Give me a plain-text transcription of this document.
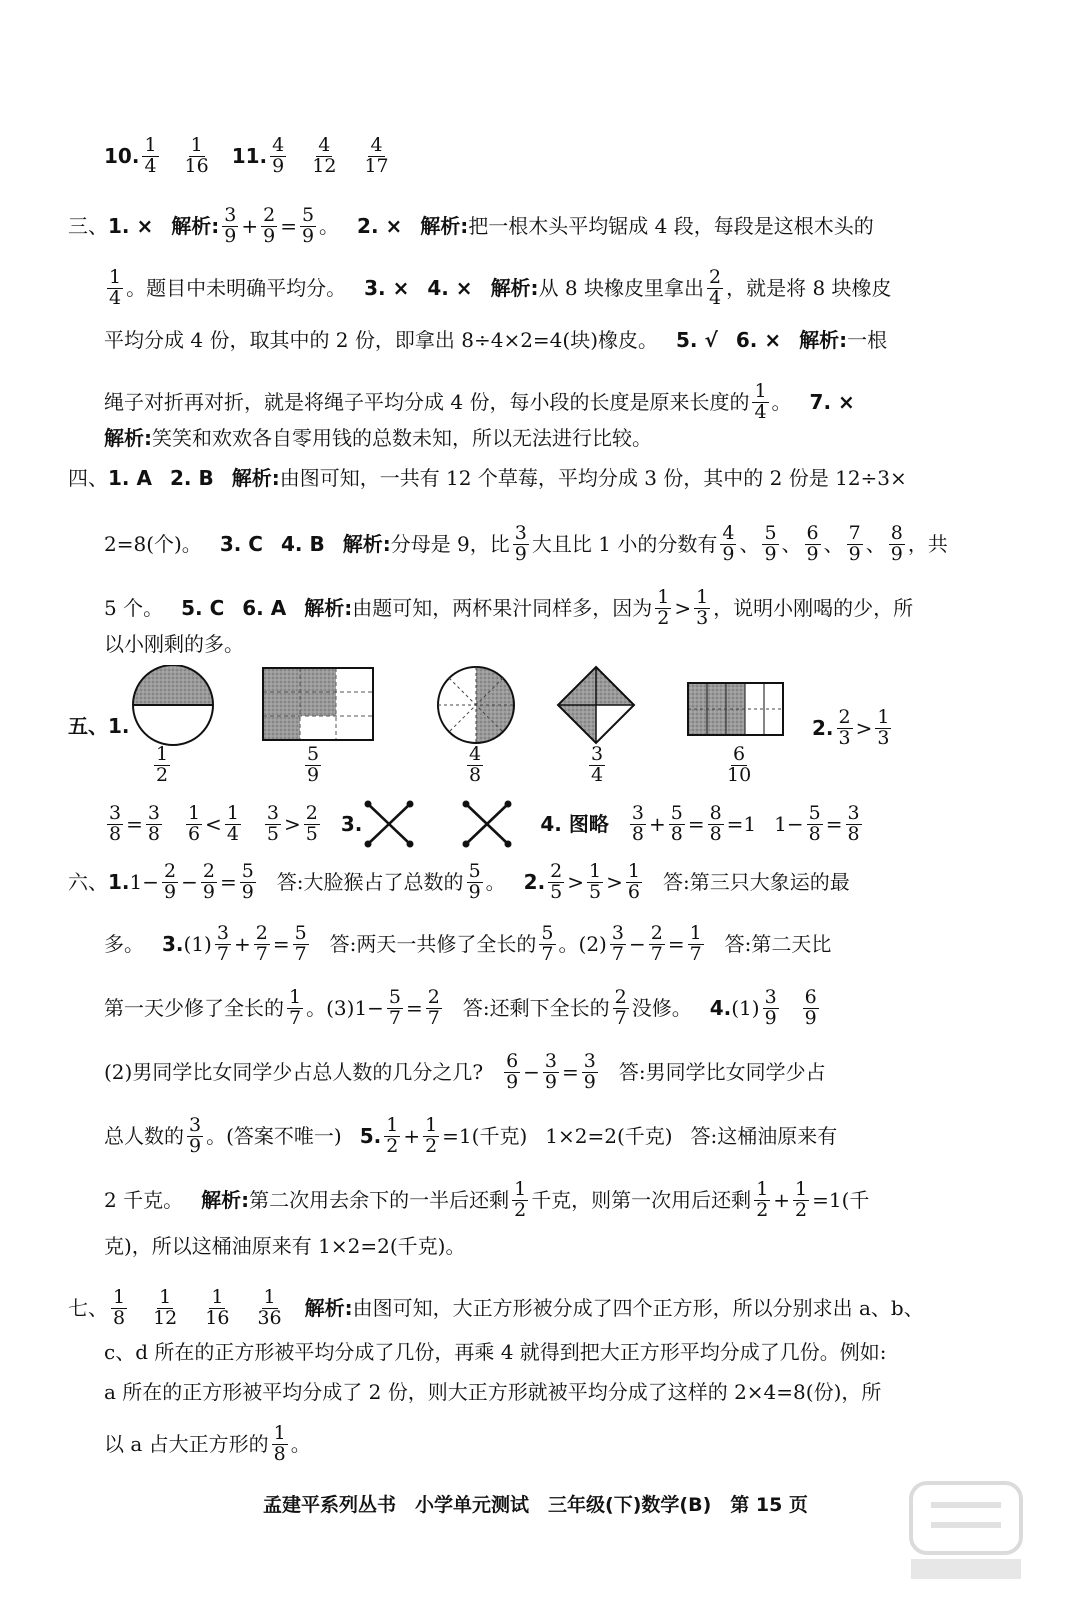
10. $\frac{1}{4} \frac{1}{16} 11$. $\frac{4}{9} \frac{4}{12} \frac{4}{17}$
三、 1. × 解析: $\frac{3}{9} + \frac{2}{9} = \frac{5}{9}$ 。 2. × 解析: 把一根木头平均锯成 4 段，每段是这根木头的
$\frac{1}{4}$ 。题目中未明确平均分。 3. × 4. × 解析: 从 8 块橡皮里拿出 $\frac{2}{4}$ ，就是将 8 块橡皮
平均分成 4 份，取其中的 2 份，即拿出 8÷4×2=4(块)橡皮。 5. √ 6. × 解析: 一根
绳子对折再对折，就是将绳子平均分成 4 份，每小段的长度是原来长度的 $\frac{1}{4}$ 。 7. ×
解析: 笑笑和欢欢各自零用钱的总数未知，所以无法进行比较。
四、 1. A 2. B 解析: 由图可知，一共有 12 个草莓，平均分成 3 份，其中的 2 份是 12÷3×
2=8(个)。 3. C 4. B 解析: 分母是 9，比 $\frac{3}{9}$ 大且比 1 小的分数有 $\frac{4}{9}$ 、 $\frac{5}{9}$ 、 $\frac{6}{9}$ 、 $\frac{7}{9}$ 、 $\frac{8}{9}$ ，共
5 个。 5. C 6. A 解析: 由题可知，两杯果汁同样多，因为 $\frac{1}{2} > \frac{1}{3}$ ，说明小刚喝的少，所
以小刚剩的多。
五、1.
$\frac{1}{2}$	$\frac{5}{9}$	$\frac{4}{8}$	$\frac{3}{4}$	$\frac{6}{10}$
2. $\frac{2}{3} > \frac{1}{3}$
$\frac{3}{8} = \frac{3}{8} \frac{1}{6} < \frac{1}{4} \frac{3}{5} > \frac{2}{5} 3$.	4. 图略 $\frac{3}{8} + \frac{5}{8} = \frac{8}{8} =1$
$1- \frac{5}{8} = \frac{3}{8}$
六、 1. $1- \frac{2}{9} - \frac{2}{9} = \frac{5}{9}$ 答:大脸猴占了总数的 $\frac{5}{9}$ 。 2. $\frac{2}{5} > \frac{1}{5} > \frac{1}{6}$ 答:第三只大象运的最
多。 3. $(1) \frac{3}{7} + \frac{2}{7} = \frac{5}{7}$ 答:两天一共修了全长的 $\frac{5}{7}$ 。 $(2) \frac{3}{7} - \frac{2}{7} = \frac{1}{7}$ 答:第二天比
第一天少修了全长的 $\frac{1}{7}$ 。 (3) $1- \frac{5}{7} = \frac{2}{7}$ 答:还剩下全长的 $\frac{2}{7}$ 没修。 4. $(1) \frac{3}{9} \frac{6}{9}$
(2)男同学比女同学少占总人数的几分之几? $\frac{6}{9} - \frac{3}{9} = \frac{3}{9}$ 答:男同学比女同学少占
总人数的 $\frac{3}{9}$ 。(答案不唯一) 5. $\frac{1}{2} + \frac{1}{2} =1$(千克) 1×2=2(千克) 答:这桶油原来有
2 千克。 解析: 第二次用去余下的一半后还剩 $\frac{1}{2}$ 千克，则第一次用后还剩 $\frac{1}{2} + \frac{1}{2} =1$(千
克)，所以这桶油原来有 1×2=2(千克)。
七、 $\frac{1}{8} \frac{1}{12} \frac{1}{16} \frac{1}{36}$ 解析: 由图可知，大正方形被分成了四个正方形，所以分别求出 a、b、
c、d 所在的正方形被平均分成了几份，再乘 4 就得到把大正方形平均分成了几份。例如:
a 所在的正方形被平均分成了 2 份，则大正方形就被平均分成了这样的 2×4=8(份)，所
以 a 占大正方形的 $\frac{1}{8}$ 。
孟建平系列丛书　小学单元测试　三年级(下)数学(B)　第 15 页
